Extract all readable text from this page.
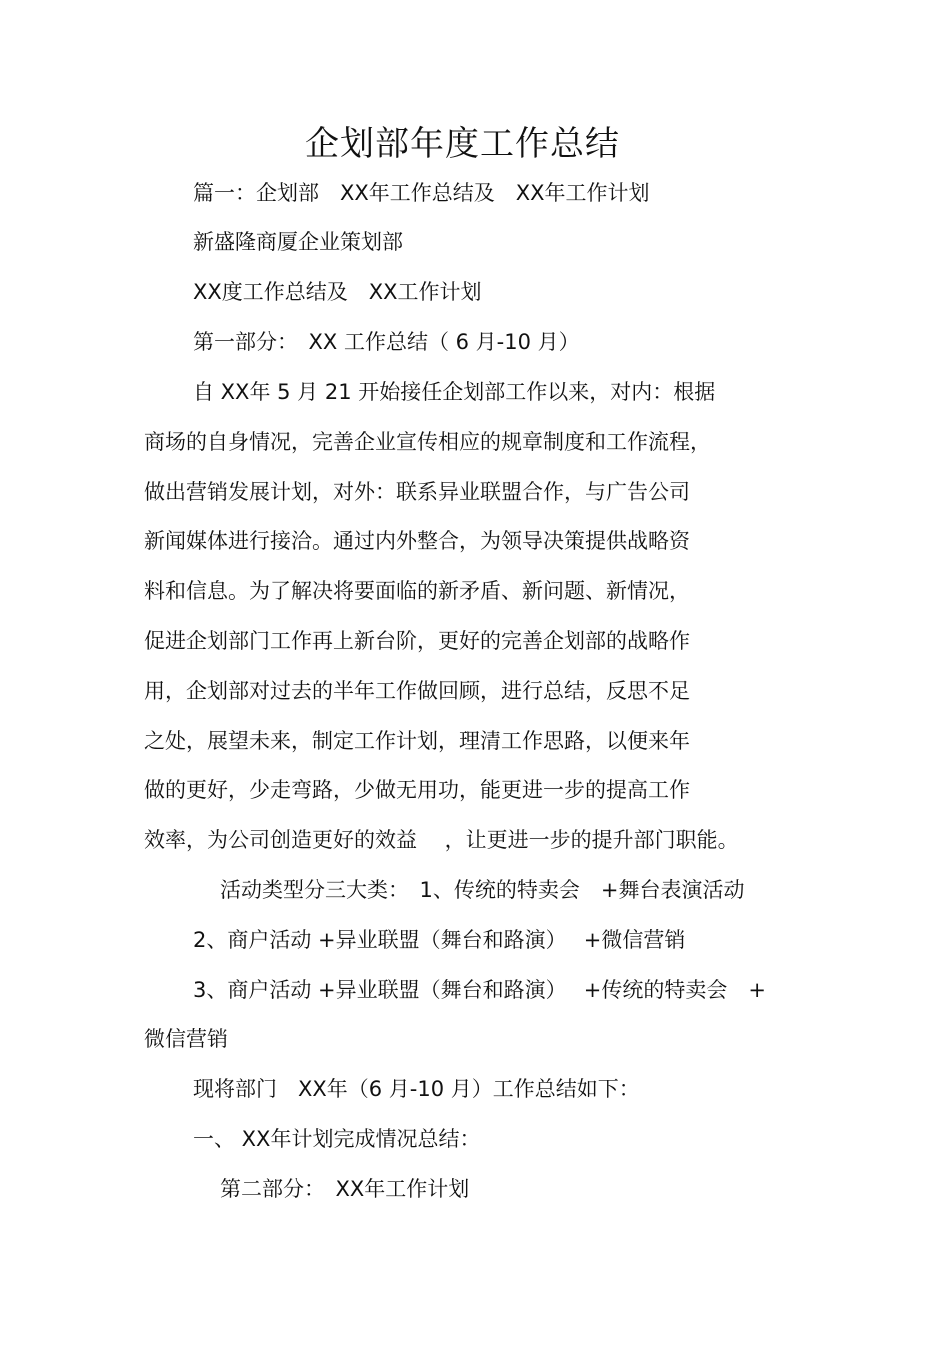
企划部年度工作总结
篇一：企划部　XX年工作总结及　XX年工作计划
新盛隆商厦企业策划部
XX度工作总结及　XX工作计划
第一部分：　XX 工作总结（ 6 月-10 月）
自 XX年 5 月 21 开始接任企划部工作以来，对内：根据
商场的自身情况，完善企业宣传相应的规章制度和工作流程，
做出营销发展计划，对外：联系异业联盟合作，与广告公司
新闻媒体进行接洽。通过内外整合，为领导决策提供战略资
料和信息。为了解决将要面临的新矛盾、新问题、新情况，
促进企划部门工作再上新台阶，更好的完善企划部的战略作
用，企划部对过去的半年工作做回顾，进行总结，反思不足
之处，展望未来，制定工作计划，理清工作思路，以便来年
做的更好，少走弯路，少做无用功，能更进一步的提高工作
效率，为公司创造更好的效益　 ，让更进一步的提升部门职能。
活动类型分三大类：　1、传统的特卖会　+舞台表演活动
2、商户活动 +异业联盟（舞台和路演）　 +微信营销
3、商户活动 +异业联盟（舞台和路演）　 +传统的特卖会　+
微信营销
现将部门　XX年（6 月-10 月）工作总结如下：
一、 XX年计划完成情况总结：
第二部分：　XX年工作计划
